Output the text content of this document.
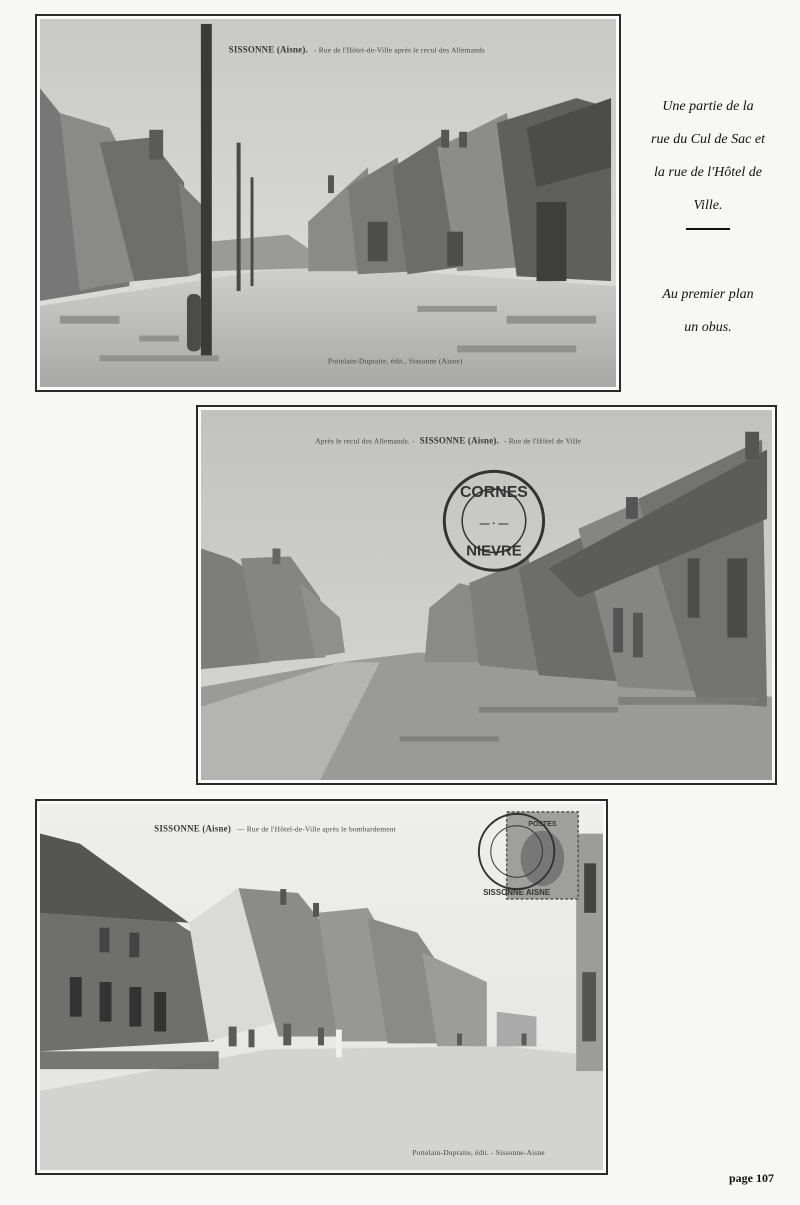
SISSONNE (Aisne). - Rue de l'Hôtel-de-Ville après le recul des Allemands
Pottelain-Dupraite, édit., Sissonne (Aisne)
Une partie de la
rue du Cul de Sac et
la rue de l'Hôtel de
Ville.
Au premier plan
un obus.
CORNES
NIEVRE
— · —
Après le recul des Allemands. - SISSONNE (Aisne). - Rue de l'Hôtel de Ville
POSTES
SISSONNE AISNE
SISSONNE (Aisne) — Rue de l'Hôtel-de-Ville après le bombardement
Pottelain-Dupraite, édit. - Sissonne-Aisne
page 107
